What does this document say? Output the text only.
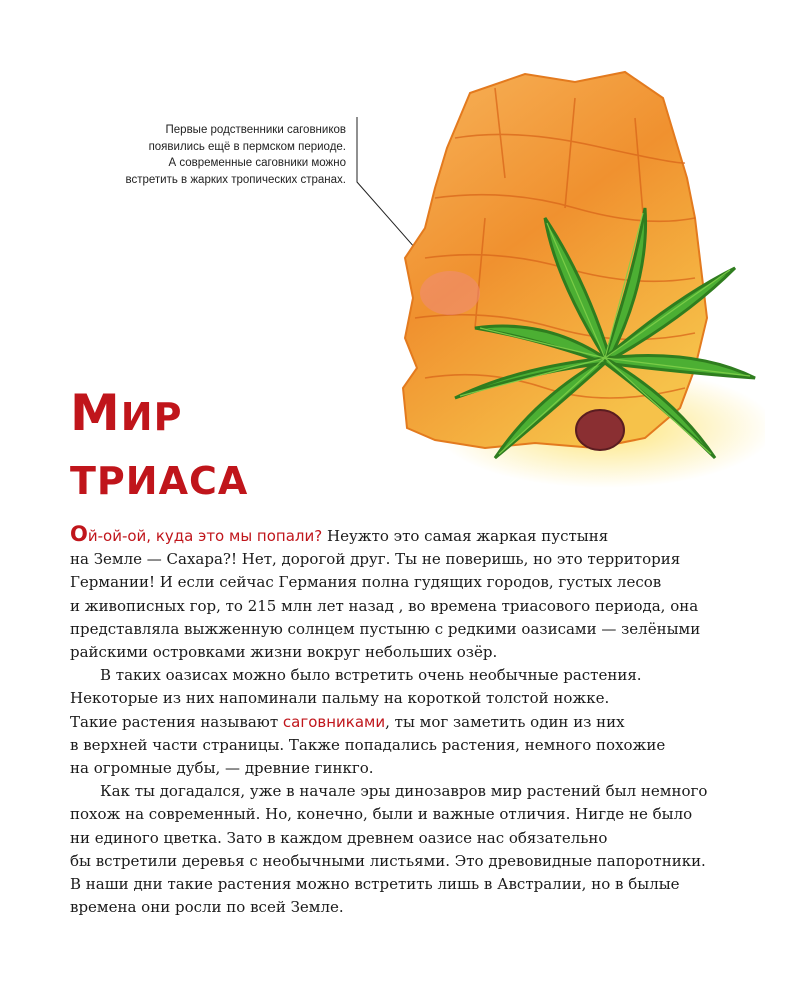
Первые родственники саговников
появились ещё в пермском периоде.
А современные саговники можно
встретить в жарких тропических странах.
МИР
ТРИАСА
Ой-ой-ой, куда это мы попали? Неужто это самая жаркая пустыня
на Земле — Сахара?! Нет, дорогой друг. Ты не поверишь, но это территория
Германии! И если сейчас Германия полна гудящих городов, густых лесов
и живописных гор, то 215 млн лет назад , во времена триасового периода, она
представляла выжженную солнцем пустыню с редкими оазисами — зелёными
райскими островками жизни вокруг небольших озёр.
В таких оазисах можно было встретить очень необычные растения.
Некоторые из них напоминали пальму на короткой толстой ножке.
Такие растения называют саговниками, ты мог заметить один из них
в верхней части страницы. Также попадались растения, немного похожие
на огромные дубы, — древние гинкго.
Как ты догадался, уже в начале эры динозавров мир растений был немного
похож на современный. Но, конечно, были и важные отличия. Нигде не было
ни единого цветка. Зато в каждом древнем оазисе нас обязательно
бы встретили деревья с необычными листьями. Это древовидные папоротники.
В наши дни такие растения можно встретить лишь в Австралии, но в былые
времена они росли по всей Земле.
